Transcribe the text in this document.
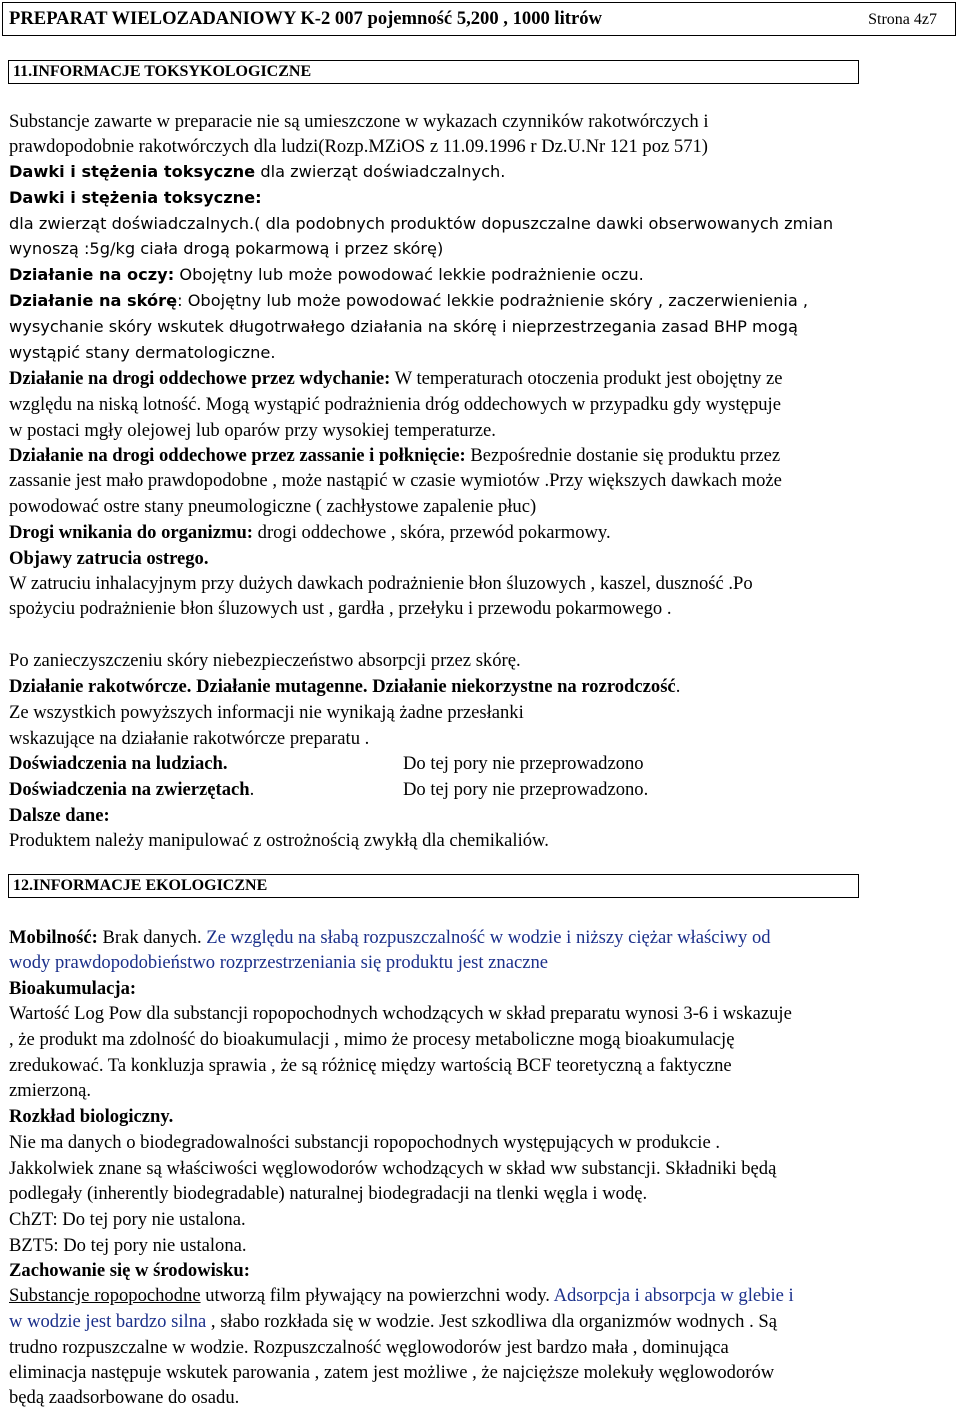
PREPARAT WIELOZADANIOWY K-2 007 pojemność 5,200 , 1000 litrów	Strona 4z7
11.INFORMACJE TOKSYKOLOGICZNE
Substancje zawarte w preparacie nie są umieszczone w wykazach czynników rakotwórczych i
prawdopodobnie rakotwórczych dla ludzi(Rozp.MZiOS z 11.09.1996 r Dz.U.Nr 121 poz 571)
Dawki i stężenia toksyczne dla zwierząt doświadczalnych.
Dawki i stężenia toksyczne:
dla zwierząt doświadczalnych.( dla podobnych produktów dopuszczalne dawki obserwowanych zmian
wynoszą :5g/kg ciała drogą pokarmową i przez skórę)
Działanie na oczy: Obojętny lub może powodować lekkie podrażnienie oczu.
Działanie na skórę: Obojętny lub może powodować lekkie podrażnienie skóry , zaczerwienienia ,
wysychanie skóry wskutek długotrwałego działania na skórę i nieprzestrzegania zasad BHP mogą
wystąpić stany dermatologiczne.
Działanie na drogi oddechowe przez wdychanie: W temperaturach otoczenia produkt jest obojętny ze
względu na niską lotność. Mogą wystąpić podrażnienia dróg oddechowych w przypadku gdy występuje
w postaci mgły olejowej lub oparów przy wysokiej temperaturze.
Działanie na drogi oddechowe przez zassanie i połknięcie: Bezpośrednie dostanie się produktu przez
zassanie jest mało prawdopodobne , może nastąpić w czasie wymiotów .Przy większych dawkach może
powodować ostre stany pneumologiczne ( zachłystowe zapalenie płuc)
Drogi wnikania do organizmu: drogi oddechowe , skóra, przewód pokarmowy.
Objawy zatrucia ostrego.
W zatruciu inhalacyjnym przy dużych dawkach podrażnienie błon śluzowych , kaszel, duszność .Po
spożyciu podrażnienie błon śluzowych ust , gardła , przełyku i przewodu pokarmowego .
Po zanieczyszczeniu skóry niebezpieczeństwo absorpcji przez skórę.
Działanie rakotwórcze. Działanie mutagenne. Działanie niekorzystne na rozrodczość.
Ze wszystkich powyższych informacji nie wynikają żadne przesłanki
wskazujące na działanie rakotwórcze preparatu .
Doświadczenia na ludziach.	Do tej pory nie przeprowadzono
Doświadczenia na zwierzętach.	Do tej pory nie przeprowadzono.
Dalsze dane:
Produktem należy manipulować z ostrożnością zwykłą dla chemikaliów.
12.INFORMACJE EKOLOGICZNE
Mobilność: Brak danych. Ze względu na słabą rozpuszczalność w wodzie i niższy ciężar właściwy od
wody prawdopodobieństwo rozprzestrzeniania się produktu jest znaczne
Bioakumulacja:
Wartość Log Pow dla substancji ropopochodnych wchodzących w skład preparatu wynosi 3-6 i wskazuje
, że produkt ma zdolność do bioakumulacji , mimo że procesy metaboliczne mogą bioakumulację
zredukować. Ta konkluzja sprawia , że są różnicę między wartością BCF teoretyczną a faktyczne
zmierzoną.
Rozkład biologiczny.
Nie ma danych o biodegradowalności substancji ropopochodnych występujących w produkcie .
Jakkolwiek znane są właściwości węglowodorów wchodzących w skład ww substancji. Składniki będą
podlegały (inherently biodegradable) naturalnej biodegradacji na tlenki węgla i wodę.
ChZT: Do tej pory nie ustalona.
BZT5: Do tej pory nie ustalona.
Zachowanie się w środowisku:
Substancje ropopochodne utworzą film pływający na powierzchni wody. Adsorpcja i absorpcja w glebie i
w wodzie jest bardzo silna , słabo rozkłada się w wodzie. Jest szkodliwa dla organizmów wodnych . Są
trudno rozpuszczalne w wodzie. Rozpuszczalność węglowodorów jest bardzo mała , dominująca
eliminacja następuje wskutek parowania , zatem jest możliwe , że najcięższe molekuły węglowodorów
będą zaadsorbowane do osadu.
